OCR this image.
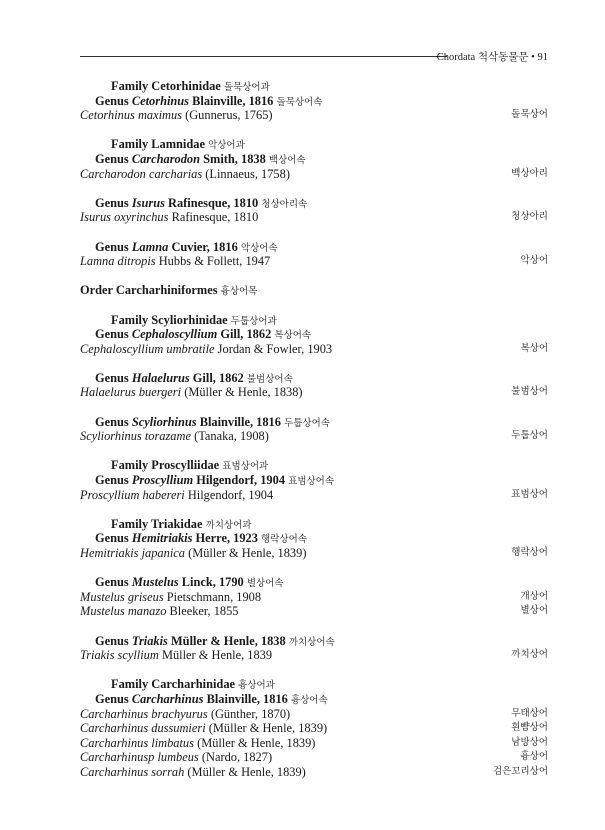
Chordata 척삭동물문 • 91
Family Cetorhinidae 돌묵상어과
Genus Cetorhinus Blainville, 1816 돌묵상어속
Cetorhinus maximus (Gunnerus, 1765)	돌묵상어
Family Lamnidae 악상어과
Genus Carcharodon Smith, 1838 백상어속
Carcharodon carcharias (Linnaeus, 1758)	백상아리
Genus Isurus Rafinesque, 1810 청상아리속
Isurus oxyrinchus Rafinesque, 1810	청상아리
Genus Lamna Cuvier, 1816 악상어속
Lamna ditropis Hubbs & Follett, 1947	악상어
Order Carcharhiniformes 흉상어목
Family Scyliorhinidae 두툽상어과
Genus Cephaloscyllium Gill, 1862 복상어속
Cephaloscyllium umbratile Jordan & Fowler, 1903	복상어
Genus Halaelurus Gill, 1862 불범상어속
Halaelurus buergeri (Müller & Henle, 1838)	불범상어
Genus Scyliorhinus Blainville, 1816 두툽상어속
Scyliorhinus torazame (Tanaka, 1908)	두툽상어
Family Proscylliidae 표범상어과
Genus Proscyllium Hilgendorf, 1904 표범상어속
Proscyllium habereri Hilgendorf, 1904	표범상어
Family Triakidae 까치상어과
Genus Hemitriakis Herre, 1923 행락상어속
Hemitriakis japanica (Müller & Henle, 1839)	행락상어
Genus Mustelus Linck, 1790 별상어속
Mustelus griseus Pietschmann, 1908	개상어
Mustelus manazo Bleeker, 1855	별상어
Genus Triakis Müller & Henle, 1838 까치상어속
Triakis scyllium Müller & Henle, 1839	까치상어
Family Carcharhinidae 흉상어과
Genus Carcharhinus Blainville, 1816 흉상어속
Carcharhinus brachyurus (Günther, 1870)	무태상어
Carcharhinus dussumieri (Müller & Henle, 1839)	흰뺨상어
Carcharhinus limbatus (Müller & Henle, 1839)	남방상어
Carcharhinusp lumbeus (Nardo, 1827)	흉상어
Carcharhinus sorrah (Müller & Henle, 1839)	검은꼬리상어
